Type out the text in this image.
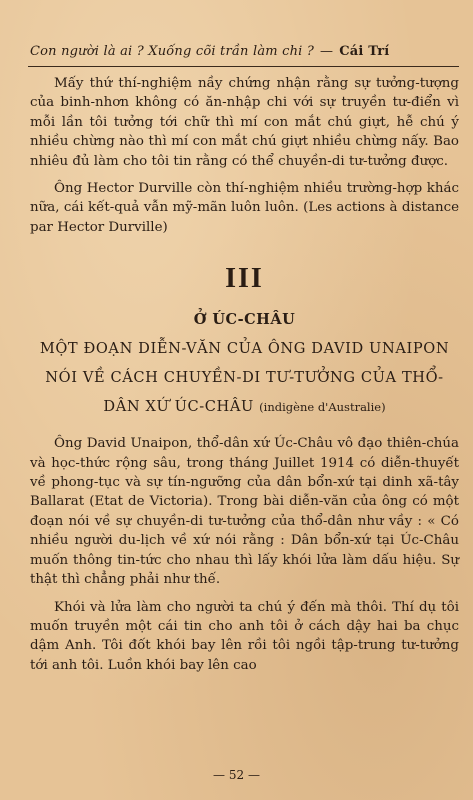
Con người là ai ? Xuống cõi trần làm chi ? — Cái Trí

Mấy thứ thí-nghiệm nầy chứng nhận rằng sự tưởng-tượng của binh-nhơn không có ăn-nhập chi với sự truyền tư-điển vì mỗi lần tôi tưởng tới chữ thì mí con mắt chú giựt, hễ chú ý nhiều chừng nào thì mí con mắt chú giựt nhiều chừng nấy. Bao nhiêu đủ làm cho tôi tin rằng có thể chuyền-di tư-tưởng được.

Ông Hector Durville còn thí-nghiệm nhiều trường-hợp khác nữa, cái kết-quả vẫn mỹ-mãn luôn luôn. (Les actions à distance par Hector Durville)

III
Ở ÚC-CHÂU
MỘT ĐOẠN DIỄN-VĂN CỦA ÔNG DAVID UNAIPON
NÓI VỀ CÁCH CHUYỀN-DI TƯ-TƯỞNG CỦA THỔ-
DÂN XỨ ÚC-CHÂU (indigène d'Australie)

Ông David Unaipon, thổ-dân xứ Úc-Châu vô đạo thiên-chúa và học-thức rộng sâu, trong tháng Juillet 1914 có diễn-thuyết về phong-tục và sự tín-ngưỡng của dân bổn-xứ tại dinh xã-tây Ballarat (Etat de Victoria). Trong bài diễn-văn của ông có một đoạn nói về sự chuyền-di tư-tưởng của thổ-dân như vầy : « Có nhiều người du-lịch về xứ nói rằng : Dân bổn-xứ tại Úc-Châu muốn thông tin-tức cho nhau thì lấy khói lửa làm dấu hiệu. Sự thật thì chẳng phải như thế.

Khói và lửa làm cho người ta chú ý đến mà thôi. Thí dụ tôi muốn truyền một cái tin cho anh tôi ở cách dậy hai ba chục dậm Anh. Tôi đốt khói bay lên rồi tôi ngồi tập-trung tư-tưởng tới anh tôi. Luồn khói bay lên cao

— 52 —
